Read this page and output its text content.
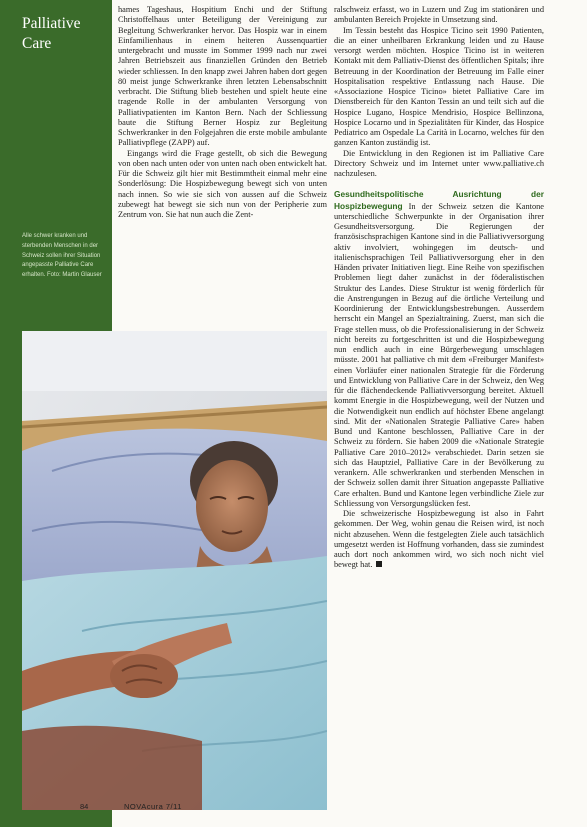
Palliative Care
Alle schwer kranken und sterbenden Menschen in der Schweiz sollen ihrer Situation angepasste Palliative Care erhalten. Foto: Martin Glauser

hames Tageshaus, Hospitium Enchi und der Stiftung Christoffelhaus unter Beteiligung der Vereinigung zur Begleitung Schwerkranker hervor. Das Hospiz war in einem Einfamilienhaus in einem heiteren Aussenquartier untergebracht und musste im Sommer 1999 nach nur zwei Jahren Betriebszeit aus finanziellen Gründen den Betrieb wieder schliessen. In den knapp zwei Jahren haben dort gegen 80 meist junge Schwerkranke ihren letzten Lebensabschnitt verbracht. Die Stiftung blieb bestehen und spielt heute eine tragende Rolle in der ambulanten Versorgung von Palliativpatienten im Kanton Bern. Nach der Schliessung baute die Stiftung Berner Hospiz zur Begleitung Schwerkranker in den Folgejahren die erste mobile ambulante Palliativpflege (ZAPP) auf.

Eingangs wird die Frage gestellt, ob sich die Bewegung von oben nach unten oder von unten nach oben entwickelt hat. Für die Schweiz gilt hier mit Bestimmtheit einmal mehr eine Sonderlösung: Die Hospizbewegung bewegt sich von unten nach innen. So wie sie sich von aussen auf die Schweiz zubewegt hat bewegt sie sich nun von der Peripherie zum Zentrum von. Sie hat nun auch die Zent-

ralschweiz erfasst, wo in Luzern und Zug im stationären und ambulanten Bereich Projekte in Umsetzung sind.

Im Tessin besteht das Hospice Ticino seit 1990 Patienten, die an einer unheilbaren Erkrankung leiden und zu Hause versorgt werden möchten. Hospice Ticino ist in weiteren Kontakt mit dem Palliativ-Dienst des öffentlichen Spitals; ihre Betreuung in der Koordination der Betreuung im Falle einer Hospitalisation respektive Entlassung nach Hause. Die «Associazione Hospice Ticino» bietet Palliative Care im Dienstbereich für den Kanton Tessin an und teilt sich auf die Hospice Lugano, Hospice Mendrisio, Hospice Bellinzona, Hospice Locarno und in Spezialitäten für Kinder, das Hospice Pediatrico am Ospedale La Carità in Locarno, welches für den ganzen Kanton zuständig ist.

Die Entwicklung in den Regionen ist im Palliative Care Directory Schweiz und im Internet unter www.palliative.ch nachzulesen.

Gesundheitspolitische Ausrichtung der Hospizbewegung In der Schweiz setzen die Kantone unterschiedliche Schwerpunkte in der Organisation ihrer Gesundheitsversorgung. Die Regierungen der französischsprachigen Kantone sind in die Palliativversorgung aktiv involviert, wohingegen im deutsch- und italienischsprachigen Teil Palliativversorgung eher in den Händen privater Initiativen liegt. Eine Reihe von spezifischen Problemen liegt daher zunächst in der föderalistischen Struktur des Landes. Diese Struktur ist wenig förderlich für die Anstrengungen in Bezug auf die örtliche Verteilung und Koordinierung der Entwicklungsbestrebungen. Ausserdem herrscht ein Mangel an Spezialtraining. Zuerst, man sich die Frage stellen muss, ob die Professionalisierung in der Schweiz nicht bereits zu fortgeschritten ist und die Hospizbewegung nun endlich auch in eine Bürgerbewegung umschlagen müsste. 2001 hat palliative ch mit dem «Freiburger Manifest» einen Vorläufer einer nationalen Strategie für die Förderung und Entwicklung von Palliative Care in der Schweiz, den Weg für die flächendeckende Palliativversorgung bereitet. Aktuell kommt Energie in die Hospizbewegung, weil der Nutzen und die Notwendigkeit nun endlich auf höchster Ebene angelangt sind. Mit der «Nationalen Strategie Palliative Care» haben Bund und Kantone beschlossen, Palliative Care in der Schweiz zu fördern. Sie haben 2009 die «Nationale Strategie Palliative Care 2010–2012» verabschiedet. Darin setzen sie sich das Hauptziel, Palliative Care in der Bevölkerung zu verankern. Alle schwerkranken und sterbenden Menschen in der Schweiz sollen damit ihrer Situation angepasste Palliative Care erhalten. Bund und Kantone legen verbindliche Ziele zur Schliessung von Versorgungslücken fest.

Die schweizerische Hospizbewegung ist also in Fahrt gekommen. Der Weg, wohin genau die Reisen wird, ist noch nicht abzusehen. Wenn die festgelegten Ziele auch tatsächlich umgesetzt werden ist Hoffnung vorhanden, dass sie zumindest auch dort noch ankommen wird, wo sich noch nicht viel bewegt hat.

84	NOVAcura 7/11
